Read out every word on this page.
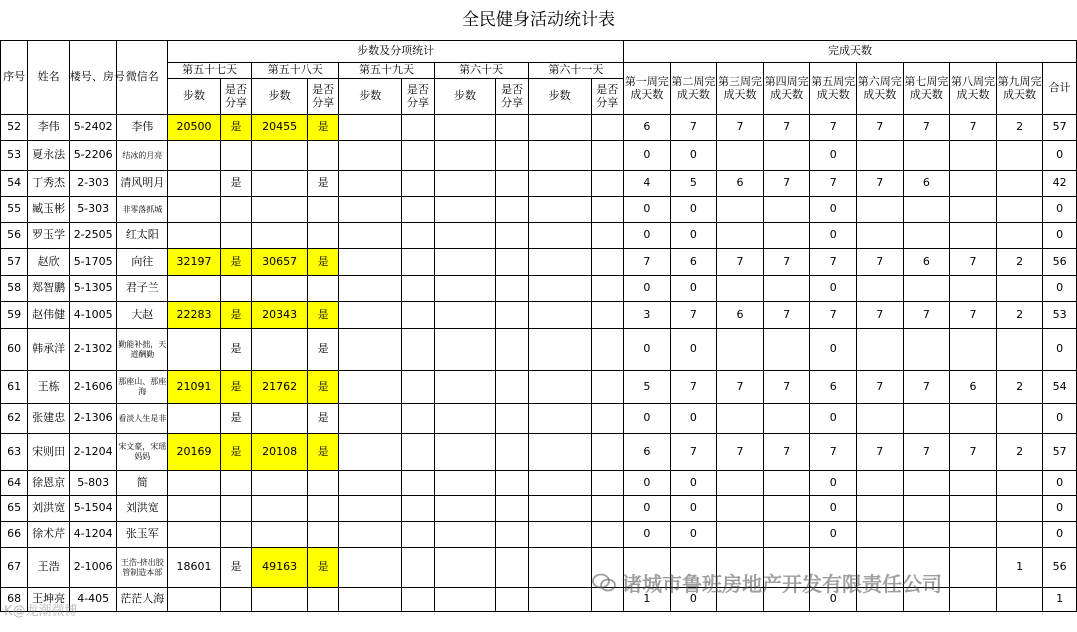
全民健身活动统计表
序号	姓名	楼号、房号	微信名	步数及分项统计										完成天数									
				第五十七天		第五十八天		第五十九天		第六十天		第六十一天		第一周完成天数	第二周完成天数	第三周完成天数	第四周完成天数	第五周完成天数	第六周完成天数	第七周完成天数	第八周完成天数	第九周完成天数	合计
				步数	是否分享	步数	是否分享	步数	是否分享	步数	是否分享	步数	是否分享										
52	李伟	5-2402	李伟	20500	是	20455	是							6	7	7	7	7	7	7	7	2	57
53	夏永法	5-2206	结冰的月亮											0	0			0					0
54	丁秀杰	2-303	清风明月		是		是							4	5	6	7	7	7	6			42
55	臧玉彬	5-303	非零落抓城											0	0			0					0
56	罗玉学	2-2505	红太阳											0	0			0					0
57	赵欣	5-1705	向往	32197	是	30657	是							7	6	7	7	7	7	6	7	2	56
58	郑智鹏	5-1305	君子兰											0	0			0					0
59	赵伟健	4-1005	大赵	22283	是	20343	是							3	7	6	7	7	7	7	7	2	53
60	韩承洋	2-1302	勤能补拙，天道酬勤		是		是							0	0			0					0
61	王栋	2-1606	那座山、那座海	21091	是	21762	是							5	7	7	7	6	7	7	6	2	54
62	张建忠	2-1306	看淡人生是非		是		是							0	0			0					0
63	宋则田	2-1204	宋文豪，宋瑶妈妈	20169	是	20108	是							6	7	7	7	7	7	7	7	2	57
64	徐恩京	5-803	简											0	0			0					0
65	刘洪宽	5-1504	刘洪宽											0	0			0					0
66	徐术芹	4-1204	张玉军											0	0			0					0
67	王浩	2-1006	王浩-挤出胶管制造本部	18601	是	49163	是															1	56
68	王坤亮	4-405	茫茫人海											1	0			0					1
诸城市鲁班房地产开发有限责任公司
K@龙潮微博
